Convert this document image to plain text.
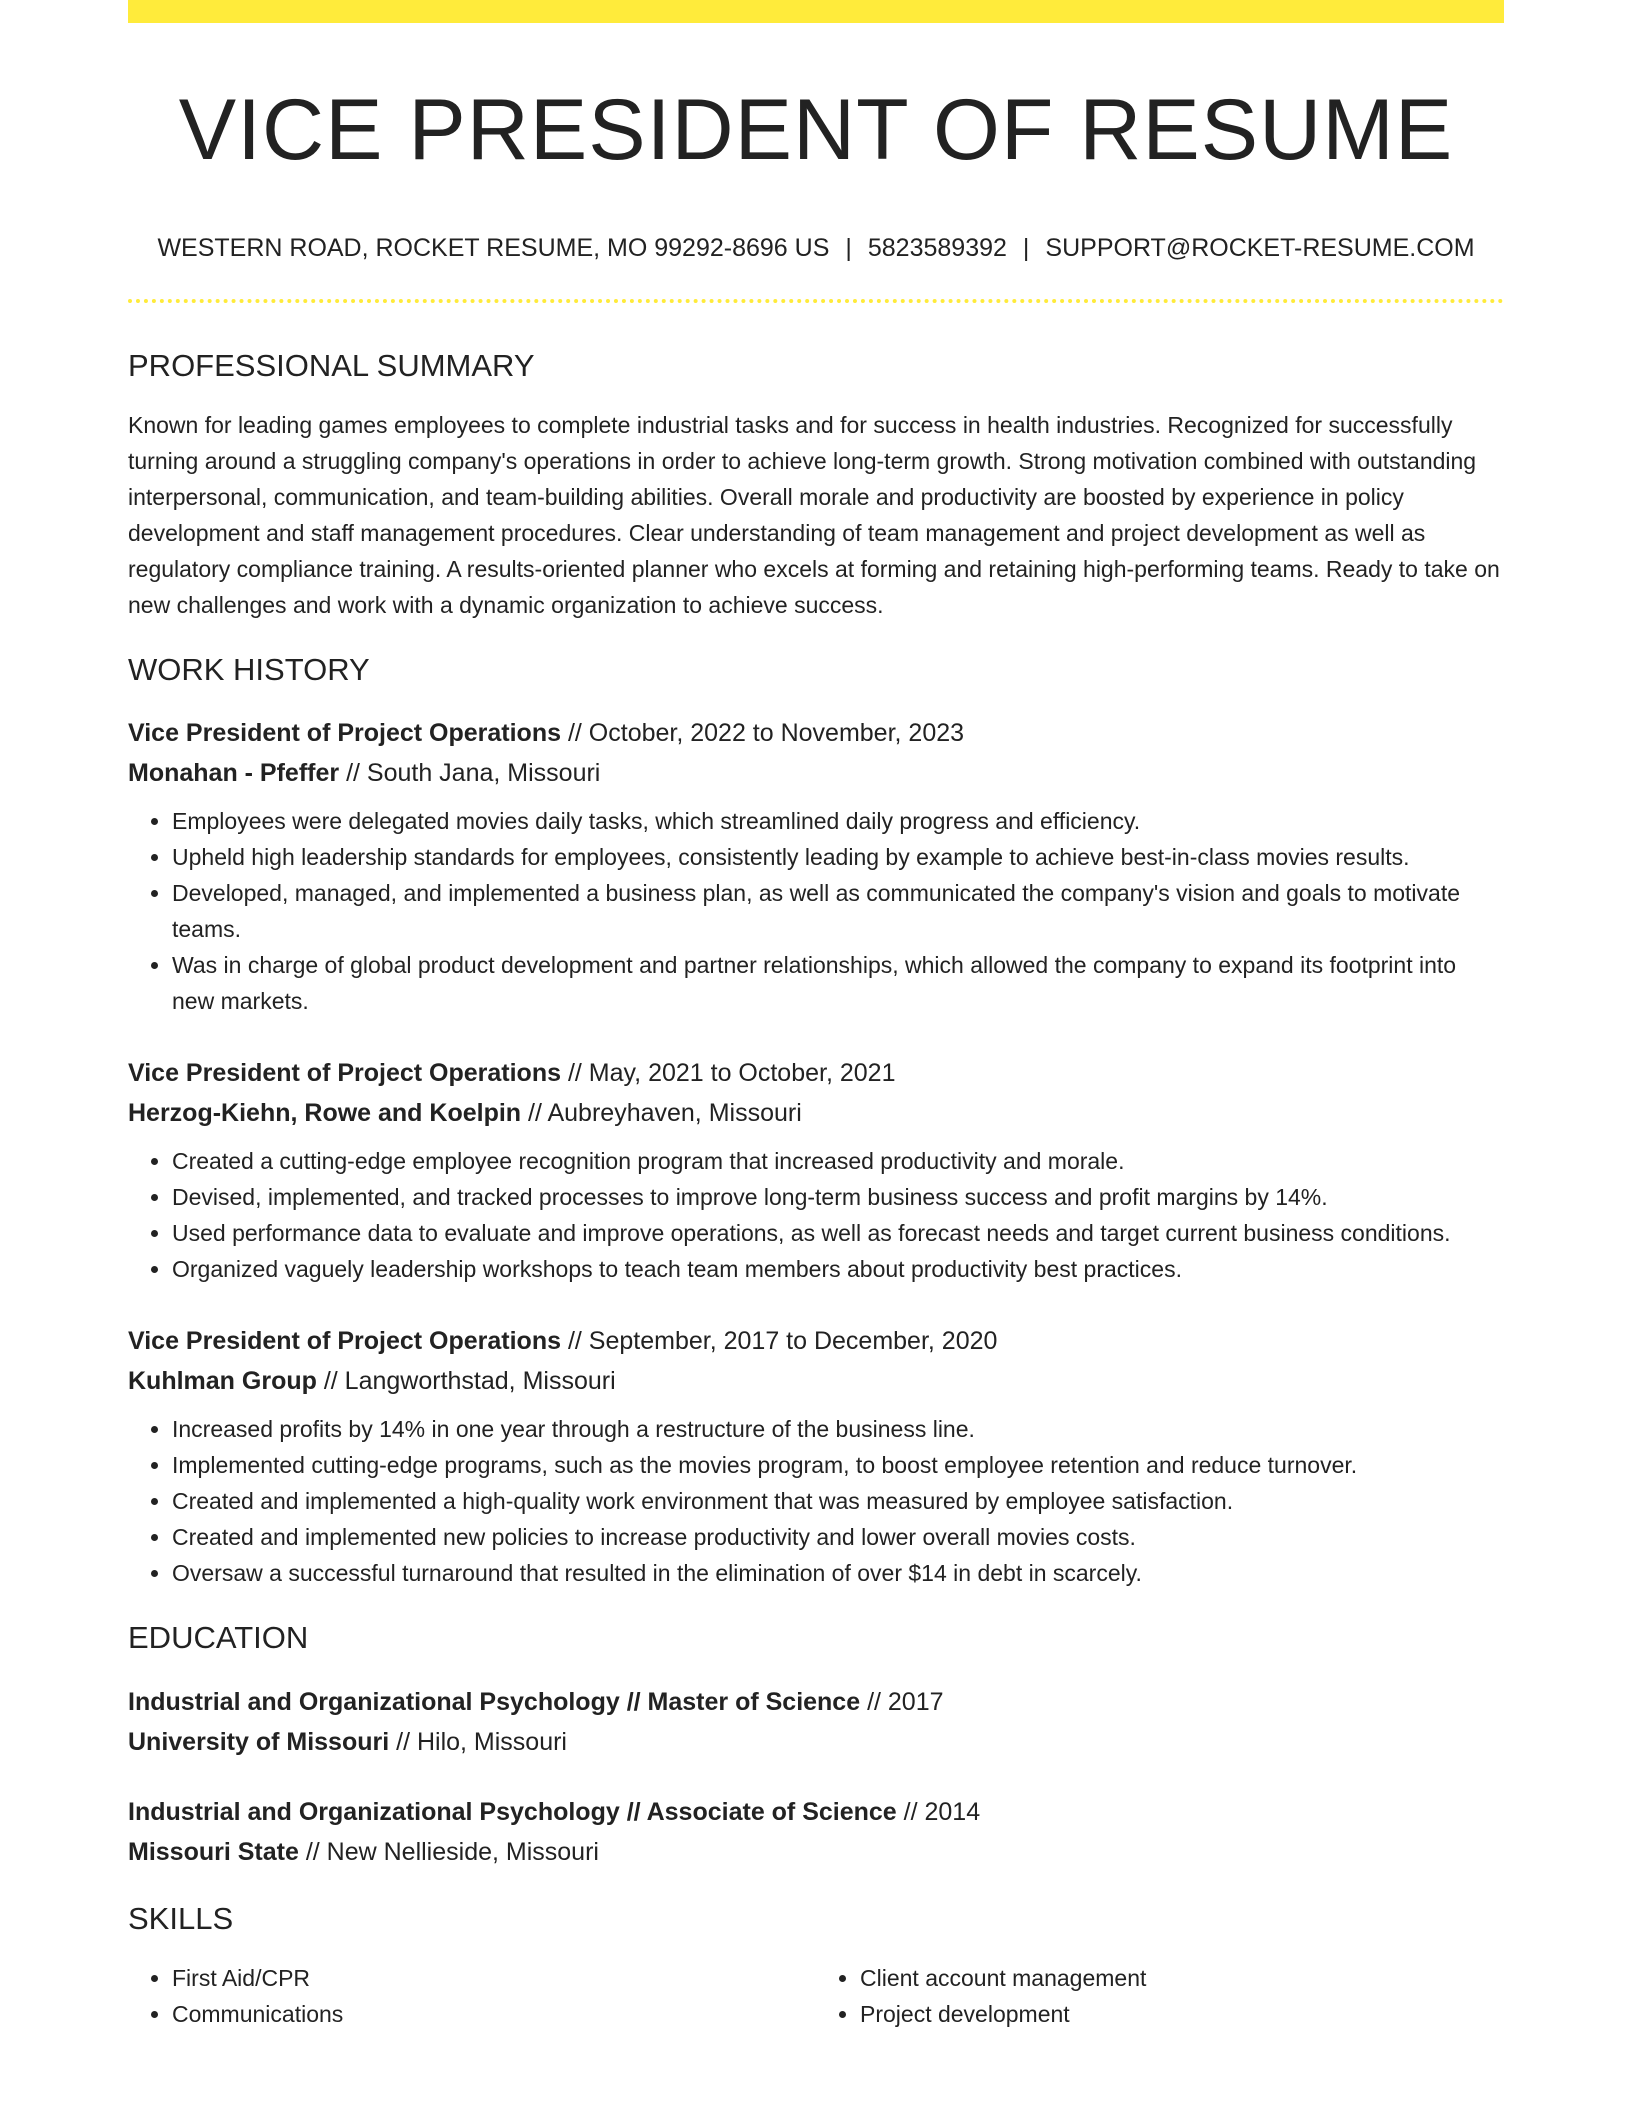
VICE PRESIDENT OF RESUME
WESTERN ROAD, ROCKET RESUME, MO 99292-8696 US | 5823589392 | SUPPORT@ROCKET-RESUME.COM
PROFESSIONAL SUMMARY

Known for leading games employees to complete industrial tasks and for success in health industries. Recognized for successfully turning around a struggling company's operations in order to achieve long-term growth. Strong motivation combined with outstanding interpersonal, communication, and team-building abilities. Overall morale and productivity are boosted by experience in policy development and staff management procedures. Clear understanding of team management and project development as well as regulatory compliance training. A results-oriented planner who excels at forming and retaining high-performing teams. Ready to take on new challenges and work with a dynamic organization to achieve success.

WORK HISTORY
Vice President of Project Operations // October, 2022 to November, 2023
Monahan - Pfeffer // South Jana, Missouri
• Employees were delegated movies daily tasks, which streamlined daily progress and efficiency.
• Upheld high leadership standards for employees, consistently leading by example to achieve best-in-class movies results.
• Developed, managed, and implemented a business plan, as well as communicated the company's vision and goals to motivate teams.
• Was in charge of global product development and partner relationships, which allowed the company to expand its footprint into new markets.
Vice President of Project Operations // May, 2021 to October, 2021
Herzog-Kiehn, Rowe and Koelpin // Aubreyhaven, Missouri
• Created a cutting-edge employee recognition program that increased productivity and morale.
• Devised, implemented, and tracked processes to improve long-term business success and profit margins by 14%.
• Used performance data to evaluate and improve operations, as well as forecast needs and target current business conditions.
• Organized vaguely leadership workshops to teach team members about productivity best practices.
Vice President of Project Operations // September, 2017 to December, 2020
Kuhlman Group // Langworthstad, Missouri
• Increased profits by 14% in one year through a restructure of the business line.
• Implemented cutting-edge programs, such as the movies program, to boost employee retention and reduce turnover.
• Created and implemented a high-quality work environment that was measured by employee satisfaction.
• Created and implemented new policies to increase productivity and lower overall movies costs.
• Oversaw a successful turnaround that resulted in the elimination of over $14 in debt in scarcely.
EDUCATION
Industrial and Organizational Psychology // Master of Science // 2017
University of Missouri // Hilo, Missouri
Industrial and Organizational Psychology // Associate of Science // 2014
Missouri State // New Nellieside, Missouri
SKILLS
• First Aid/CPR
• Communications
• Client account management
• Project development
